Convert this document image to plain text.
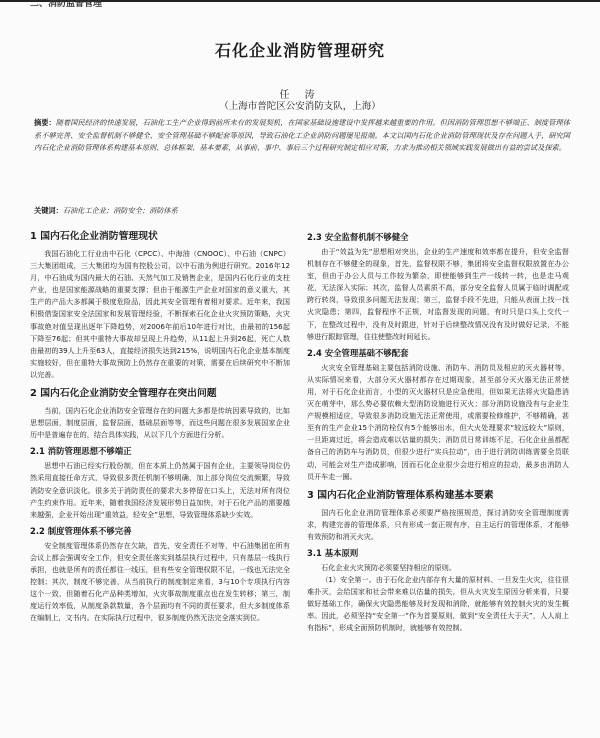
二、消防监督管理
石化企业消防管理研究
任 涛
（上海市普陀区公安消防支队，上海）
摘要：随着国民经济的快速发展，石油化工生产企业得到前所未有的发展契机，在国家基础设施建设中发挥越来越重要的作用。但因消防管理思想不够端正、制度管理体系不够完善、安全监督机制不够健全、安全管理基础不够配套等原因，导致石油化工企业消防问题屡见报端。本文以国内石化企业消防管理现状及存在问题入手，研究国内石化企业消防管理体系构建基本原则、总体框架、基本要素，从事前、事中、事后三个过程研究制定相应对策，力求为推动相关领域实践发展做出有益的尝试及探索。
关键词：石油化工企业；消防安全；消防体系
1 国内石化企业消防管理现状

我国石油化工行业由中石化（CPCC）、中海油（CNOOC）、中石油（CNPC）三大集团组成，三大集团均为国有控股公司，以中石油为例进行研究。2016年12月，中石油成为国内最大的石油、天然气加工及销售企业，是国内石化行业的支柱产业，也是国家能源战略的重要支撑；但由于能源生产企业对国家的意义重大，其生产的产品大多都属于极度危险品，因此其安全管理有着相对要求。近年来，我国积极借鉴国家安全法国家和发展管理经验，不断探索石化企业火灾预防策略，火灾事故绝对值呈现出逐年下降趋势，对2006年前后10年进行对比，由最初的156起下降至76起；但其中重特大事故却呈现上升趋势，从11起上升到26起，死亡人数由最初的39人上升至63人，直接经济损失达到215%，说明国内石化企业基本制度实施较好，但在重特大事故预防上仍然存在重要的对策，需要在后续研究中不断加以完善。

2 国内石化企业消防安全管理存在突出问题

当前，国内石化企业消防安全管理存在的问题大多都是传统因素导致的，比如思想层面，制度层面，监督层面，基础层面等等，而这些问题在很多发展国家企业历中是普遍存在的，结合具体实践，从以下几个方面进行分析。

2.1 消防管理思想不够端正

思想中石油已经实行股份制，但在本质上仍然属于国有企业，主要领导岗位仍然采用直接任命方式，导致很多责任机制不够明确，加上部分岗位交流频繁，导致消防安全意识淡化。很多关于消防责任的要求大多停留在口头上，无法对所有岗位产生约束作用。近年来，随着我国经济发展形势日益加快，对于石化产品的需要越来越强，企业开始出现“重效益，轻安全”思想，导致管理体系缺少实效。

2.2 制度管理体系不够完善

安全制度管理体系仍然存在欠缺，首先，安全责任不对等，中石油集团在所有会议上都会强调安全工作，但安全责任落实到基层执行过程中，只有基层一线执行承担，也就是所有的责任都往一线压，但有些安全管理权限不足，一线也无法完全控制；其次，制度不够完善，从当前执行的制度制定来看，3与10个专项执行内容这个一致，但随着石化产品种类增加，火灾事故制度重点也在发生转移；第三，制度运行效率低，从制度条款数量，各个层面均有不同的责任要求，但大多制度体系在编制上，文书内。在实际执行过程中，很多制度仍然无法完全落实到位。

2.3 安全监督机制不够健全

由于“效益为先”思想相对突出，企业的生产速度和效率都在提升，但安全监督机制存在不够健全的现象，首先，监督权限不够，集团将安全监督权限放置在办公室，但由于办公人员与工作较为繁杂，即使能够到生产一线转一转，也是走马观花，无法深入实际；其次，监督人员素质不高，部分安全监督人员属于临时调配或跨行转岗，导致很多问题无法发现；第三，监督手段不先进，只能从表面上找一找火灾隐患；第四，监督程序不正规，对监督发现的问题，有时只是口头上交代一下，在整改过程中，没有及时跟进，针对于后续整改情况没有及时做好记录，不能够进行跟踪管理，往往使整改时间延长。

2.4 安全管理基础不够配套

火灾安全管理基础主要包括消防设施、消防车、消防员及相应的灭火器材等，从实际情况来看，大部分灭火器材都存在过期现象，甚至部分灭火器无法正常使用，对于石化企业而言，小型的灭火器材只是应急使用，但如果无法将火灾隐患消灭在萌芽中，那么势必要依赖大型消防设施进行灭火；部分消防设施没有与企业生产规模相适应，导致很多消防设施无法正常使用，或需要检修维护，不够精确，甚至有的生产企业15个消防栓仅有5个能够出水，但大火处理要求“较远较大”原则，一旦距离过近，将会造成难以估量的损失；消防员日常训练不足，石化企业虽都配备自己的消防车与消防员，但很少进行“实兵拉动”，由于进行消防训练需要全员联动，可能会对生产造成影响，因而石化企业很少会进行相应的拉动，最多由消防人员开车走一圈。

3 国内石化企业消防管理体系构建基本要素

国内石化企业消防管理体系必须要严格按照规范，探讨消防安全管理制度需求，构建完善的管理体系，只有形成一套正规有序，自主运行的管理体系，才能够有效预防和消灭火灾。

3.1 基本原则

　　石化企业火灾预防必须要坚持相应的原则。

（1）安全第一。由于石化企业内部存有大量的原材料、一旦发生火灾，往往很难扑灭，会给国家和社会带来难以估量的损失，但从火灾发生原因分析来看，只要做好基础工作，确保火灾隐患能够及时发现和消除，就能够有效控制火灾的发生概率。因此，必须坚持“安全第一”作为首要原则，做到“安全责任大于天”，人人肩上有指标”，形成全面预防机制时，就能够有效控制。
